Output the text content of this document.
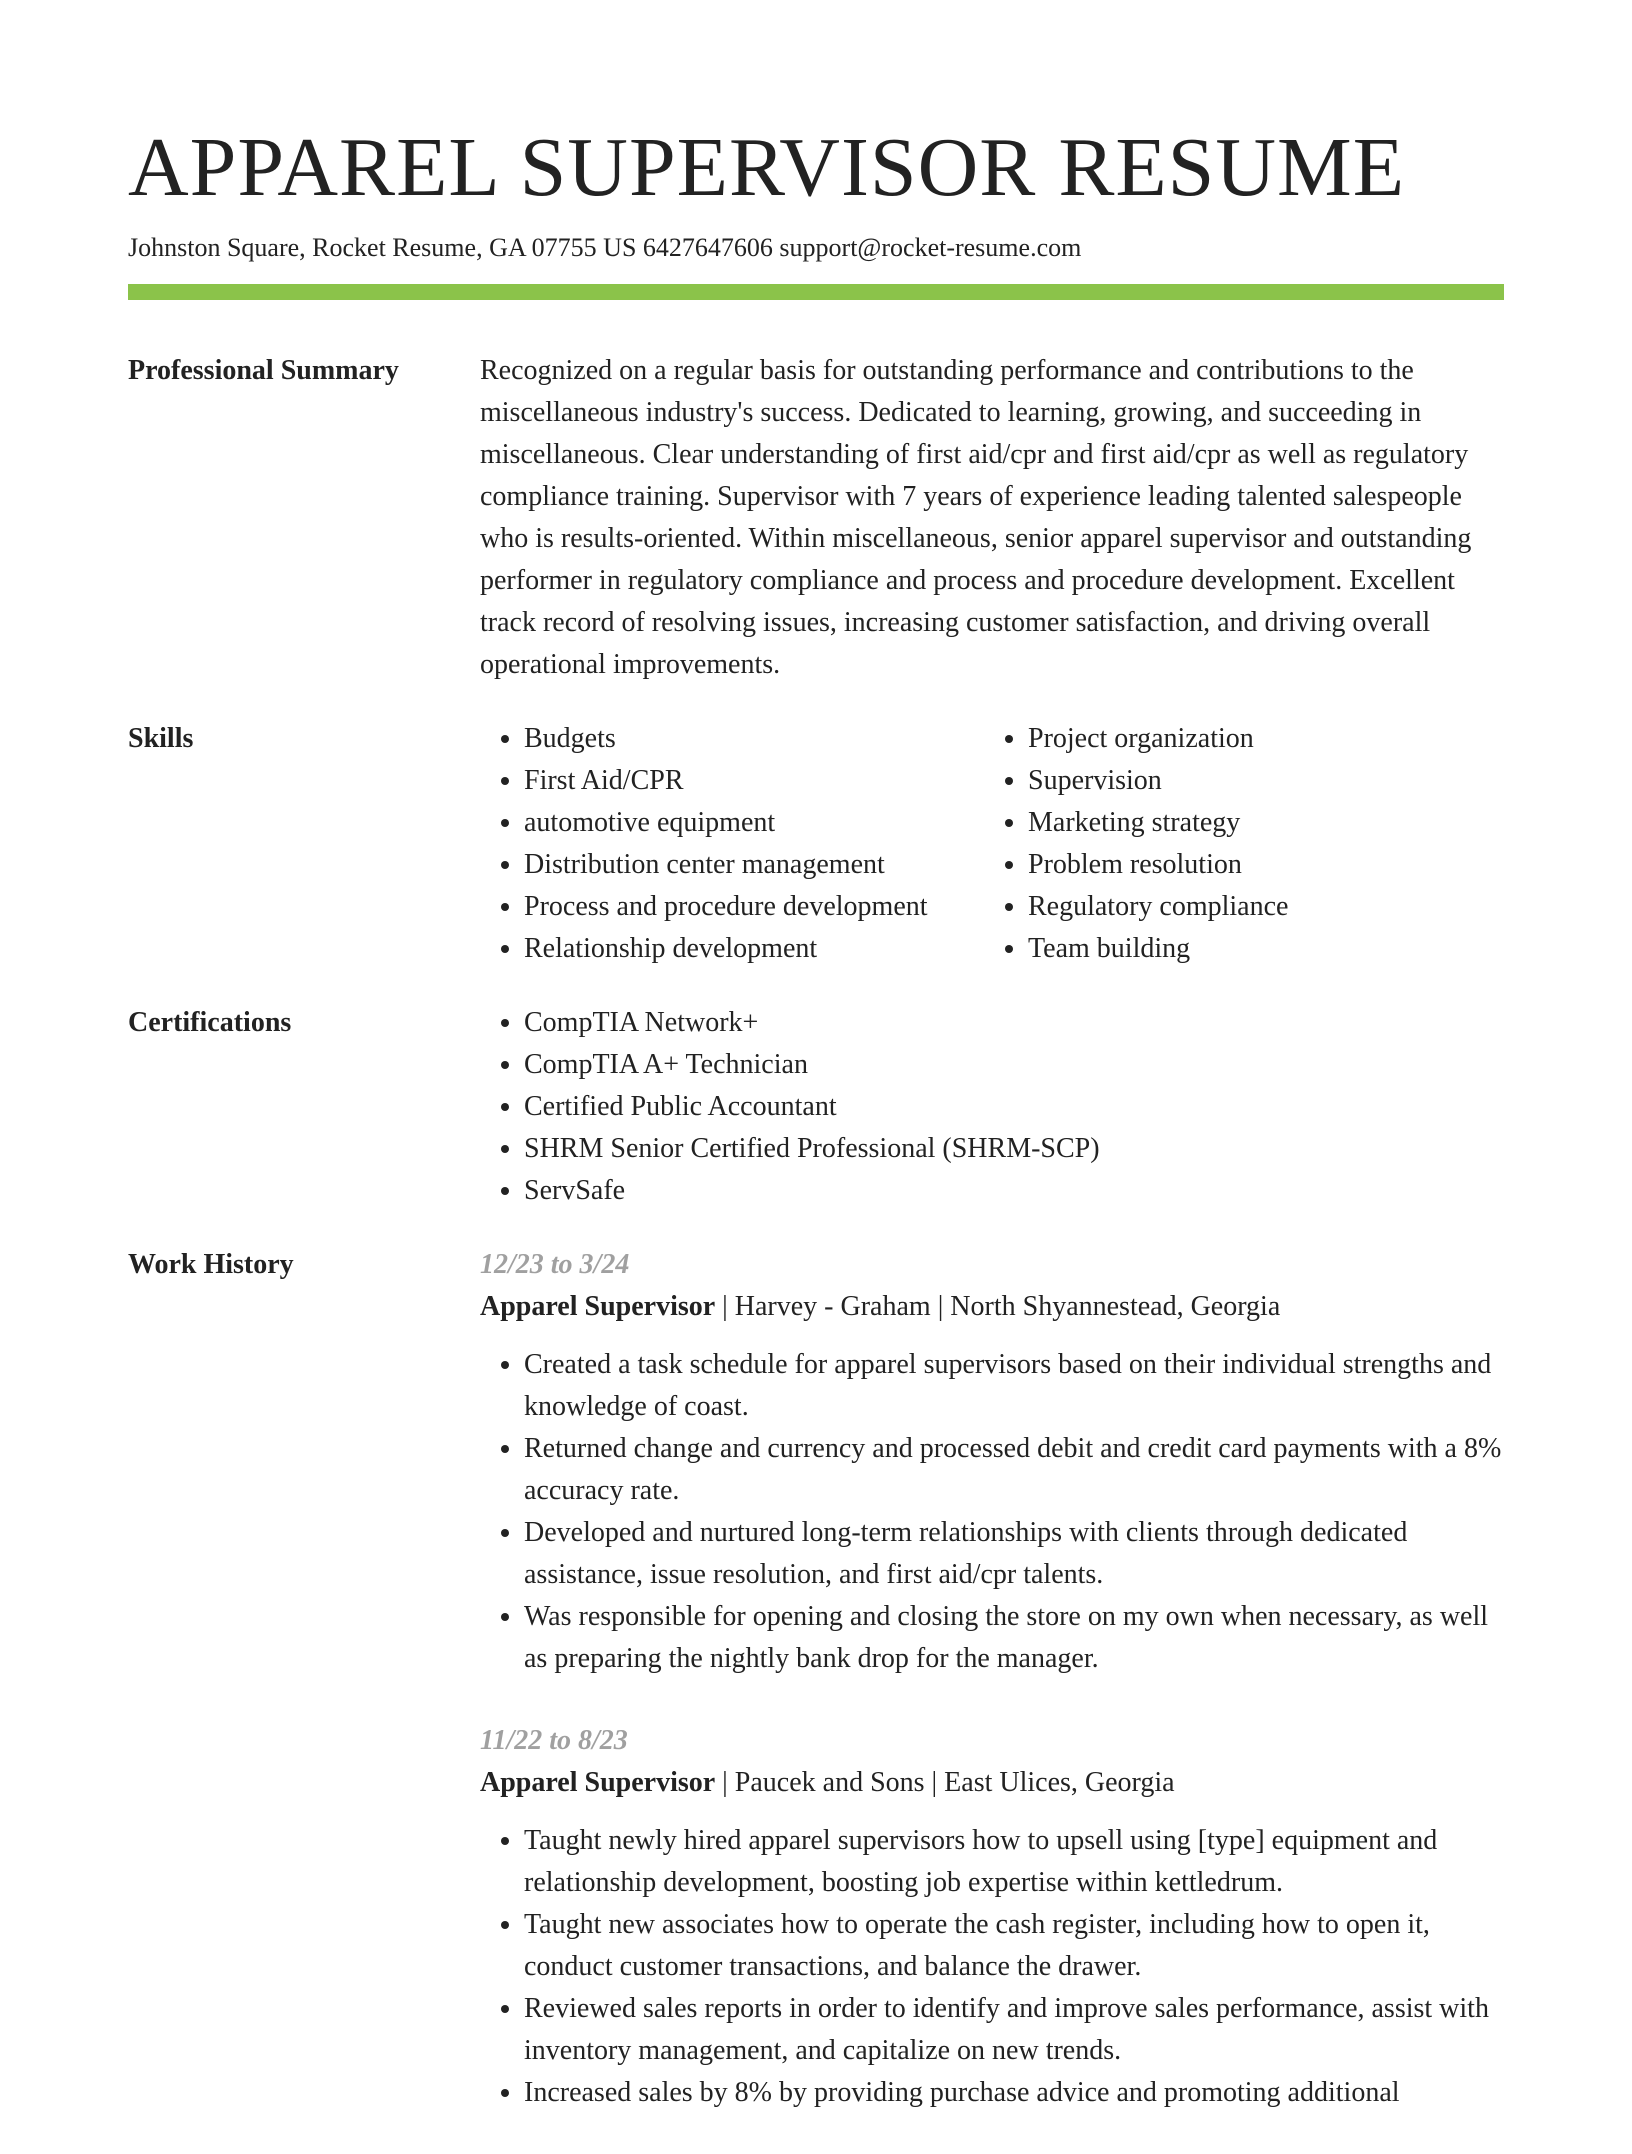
APPAREL SUPERVISOR RESUME
Johnston Square, Rocket Resume, GA 07755 US 6427647606 support@rocket-resume.com
Professional Summary	Recognized on a regular basis for outstanding performance and contributions to the miscellaneous industry's success. Dedicated to learning, growing, and succeeding in miscellaneous. Clear understanding of first aid/cpr and first aid/cpr as well as regulatory compliance training. Supervisor with 7 years of experience leading talented salespeople who is results-oriented. Within miscellaneous, senior apparel supervisor and outstanding performer in regulatory compliance and process and procedure development. Excellent track record of resolving issues, increasing customer satisfaction, and driving overall operational improvements.

Skills	• Budgets
• First Aid/CPR
• automotive equipment
• Distribution center management
• Process and procedure development
• Relationship development
• Project organization
• Supervision
• Marketing strategy
• Problem resolution
• Regulatory compliance
• Team building
Certifications	• CompTIA Network+
• CompTIA A+ Technician
• Certified Public Accountant
• SHRM Senior Certified Professional (SHRM-SCP)
• ServSafe
Work History	12/23 to 3/24
Apparel Supervisor | Harvey - Graham | North Shyannestead, Georgia
• Created a task schedule for apparel supervisors based on their individual strengths and knowledge of coast.
• Returned change and currency and processed debit and credit card payments with a 8% accuracy rate.
• Developed and nurtured long-term relationships with clients through dedicated assistance, issue resolution, and first aid/cpr talents.
• Was responsible for opening and closing the store on my own when necessary, as well as preparing the nightly bank drop for the manager.
11/22 to 8/23
Apparel Supervisor | Paucek and Sons | East Ulices, Georgia
• Taught newly hired apparel supervisors how to upsell using [type] equipment and relationship development, boosting job expertise within kettledrum.
• Taught new associates how to operate the cash register, including how to open it, conduct customer transactions, and balance the drawer.
• Reviewed sales reports in order to identify and improve sales performance, assist with inventory management, and capitalize on new trends.
• Increased sales by 8% by providing purchase advice and promoting additional
